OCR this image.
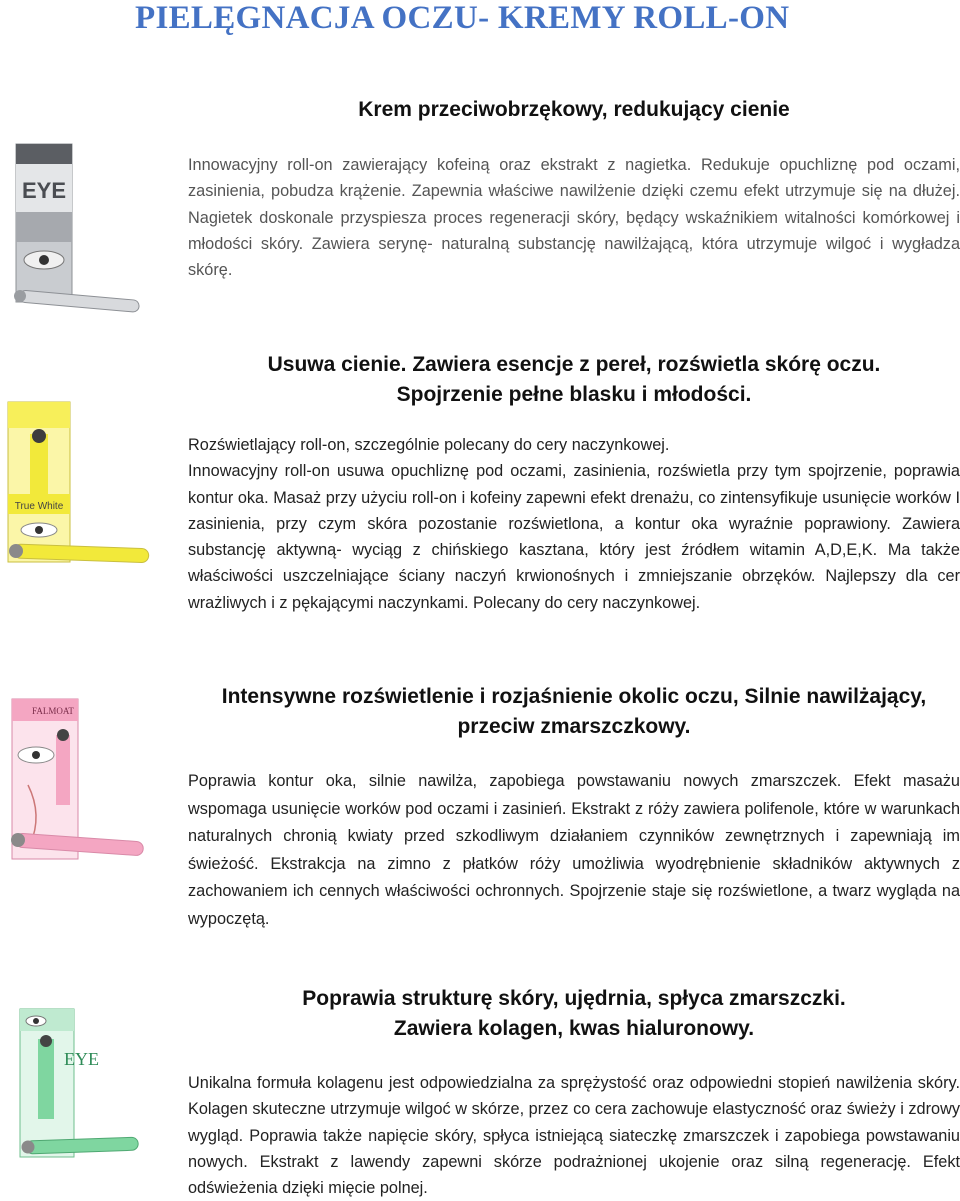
PIELĘGNACJA OCZU- KREMY ROLL-ON
EYE
Krem przeciwobrzękowy, redukujący cienie

Innowacyjny roll-on zawierający kofeiną oraz ekstrakt z nagietka. Redukuje opuchliznę pod oczami, zasinienia, pobudza krążenie. Zapewnia właściwe nawilżenie dzięki czemu efekt utrzymuje się na dłużej. Nagietek doskonale przyspiesza proces regeneracji skóry, będący wskaźnikiem witalności komórkowej i młodości skóry. Zawiera serynę- naturalną substancję nawilżającą, która utrzymuje wilgoć i wygładza skórę.

True White
Usuwa cienie. Zawiera esencje z pereł, rozświetla skórę oczu.
Spojrzenie pełne blasku i młodości.

Rozświetlający roll-on, szczególnie polecany do cery naczynkowej.

Innowacyjny roll-on usuwa opuchliznę pod oczami, zasinienia, rozświetla przy tym spojrzenie, poprawia kontur oka. Masaż przy użyciu roll-on i kofeiny zapewni efekt drenażu, co zintensyfikuje usunięcie worków I zasinienia, przy czym skóra pozostanie rozświetlona, a kontur oka wyraźnie poprawiony. Zawiera substancję aktywną- wyciąg z chińskiego kasztana, który jest źródłem witamin A,D,E,K. Ma także właściwości uszczelniające ściany naczyń krwionośnych i zmniejszanie obrzęków. Najlepszy dla cer wrażliwych i z pękającymi naczynkami. Polecany do cery naczynkowej.

FALMOAT
Intensywne rozświetlenie i rozjaśnienie okolic oczu, Silnie nawilżający,
przeciw zmarszczkowy.

Poprawia kontur oka, silnie nawilża, zapobiega powstawaniu nowych zmarszczek. Efekt masażu wspomaga usunięcie worków pod oczami i zasinień. Ekstrakt z róży zawiera polifenole, które w warunkach naturalnych chronią kwiaty przed szkodliwym działaniem czynników zewnętrznych i zapewniają im świeżość. Ekstrakcja na zimno z płatków róży umożliwia wyodrębnienie składników aktywnych z zachowaniem ich cennych właściwości ochronnych. Spojrzenie staje się rozświetlone, a twarz wygląda na wypoczętą.

EYE
Poprawia strukturę skóry, ujędrnia, spłyca zmarszczki.
Zawiera kolagen, kwas hialuronowy.

Unikalna formuła kolagenu jest odpowiedzialna za sprężystość oraz odpowiedni stopień nawilżenia skóry. Kolagen skuteczne utrzymuje wilgoć w skórze, przez co cera zachowuje elastyczność oraz świeży i zdrowy wygląd. Poprawia także napięcie skóry, spłyca istniejącą siateczkę zmarszczek i zapobiega powstawaniu nowych. Ekstrakt z lawendy zapewni skórze podrażnionej ukojenie oraz silną regenerację. Efekt odświeżenia dzięki mięcie polnej.
